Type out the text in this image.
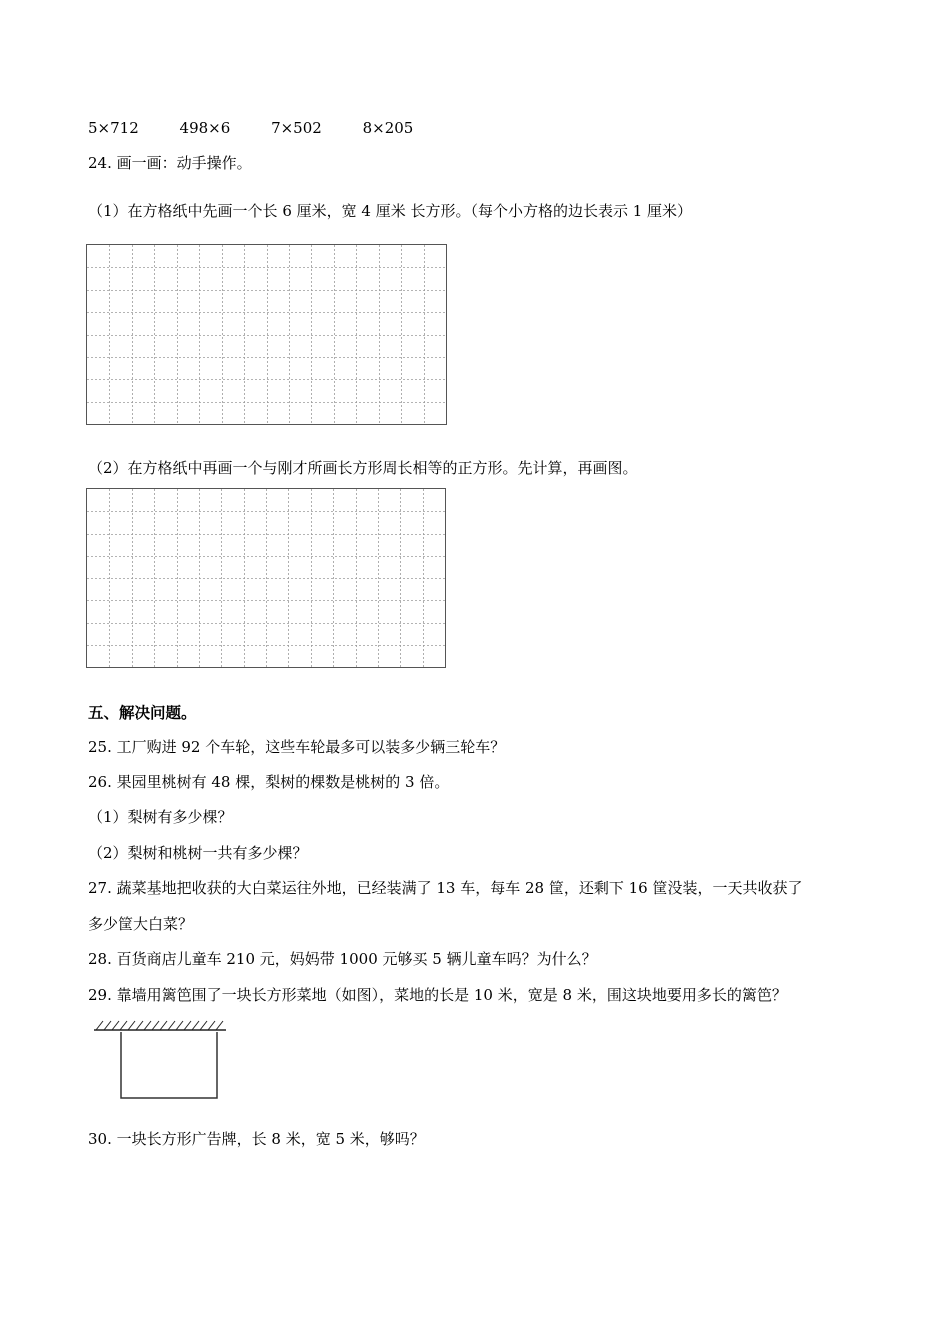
5×712	498×6	7×502	8×205
24. 画一画：动手操作。
（1）在方格纸中先画一个长 6 厘米，宽 4 厘米 长方形。（每个小方格的边长表示 1 厘米）
（2）在方格纸中再画一个与刚才所画长方形周长相等的正方形。先计算，再画图。
五、解决问题。
25. 工厂购进 92 个车轮，这些车轮最多可以装多少辆三轮车？
26. 果园里桃树有 48 棵，梨树的棵数是桃树的 3 倍。
（1）梨树有多少棵？
（2）梨树和桃树一共有多少棵？
27. 蔬菜基地把收获的大白菜运往外地，已经装满了 13 车，每车 28 筐，还剩下 16 筐没装，一天共收获了
多少筐大白菜？
28. 百货商店儿童车 210 元，妈妈带 1000 元够买 5 辆儿童车吗？为什么？
29. 靠墙用篱笆围了一块长方形菜地（如图），菜地的长是 10 米，宽是 8 米，围这块地要用多长的篱笆？
30. 一块长方形广告牌，长 8 米，宽 5 米，够吗？
